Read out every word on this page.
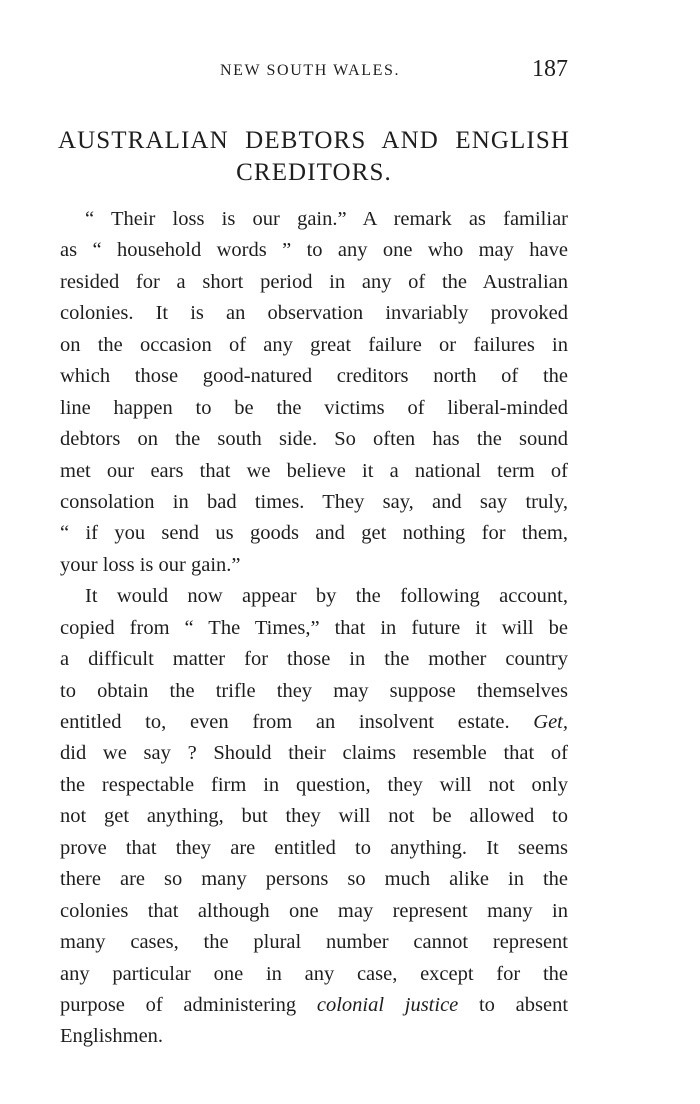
NEW SOUTH WALES.	187
AUSTRALIAN DEBTORS AND ENGLISH
CREDITORS.
“ Their loss is our gain.” A remark as familiar
as “ household words ” to any one who may have
resided for a short period in any of the Australian
colonies. It is an observation invariably provoked
on the occasion of any great failure or failures in
which those good-natured creditors north of the
line happen to be the victims of liberal-minded
debtors on the south side. So often has the sound
met our ears that we believe it a national term of
consolation in bad times. They say, and say truly,
“ if you send us goods and get nothing for them,
your loss is our gain.”
It would now appear by the following account,
copied from “ The Times,” that in future it will be
a difficult matter for those in the mother country
to obtain the trifle they may suppose themselves
entitled to, even from an insolvent estate. Get,
did we say ? Should their claims resemble that of
the respectable firm in question, they will not only
not get anything, but they will not be allowed to
prove that they are entitled to anything. It seems
there are so many persons so much alike in the
colonies that although one may represent many in
many cases, the plural number cannot represent
any particular one in any case, except for the
purpose of administering colonial justice to absent
Englishmen.
